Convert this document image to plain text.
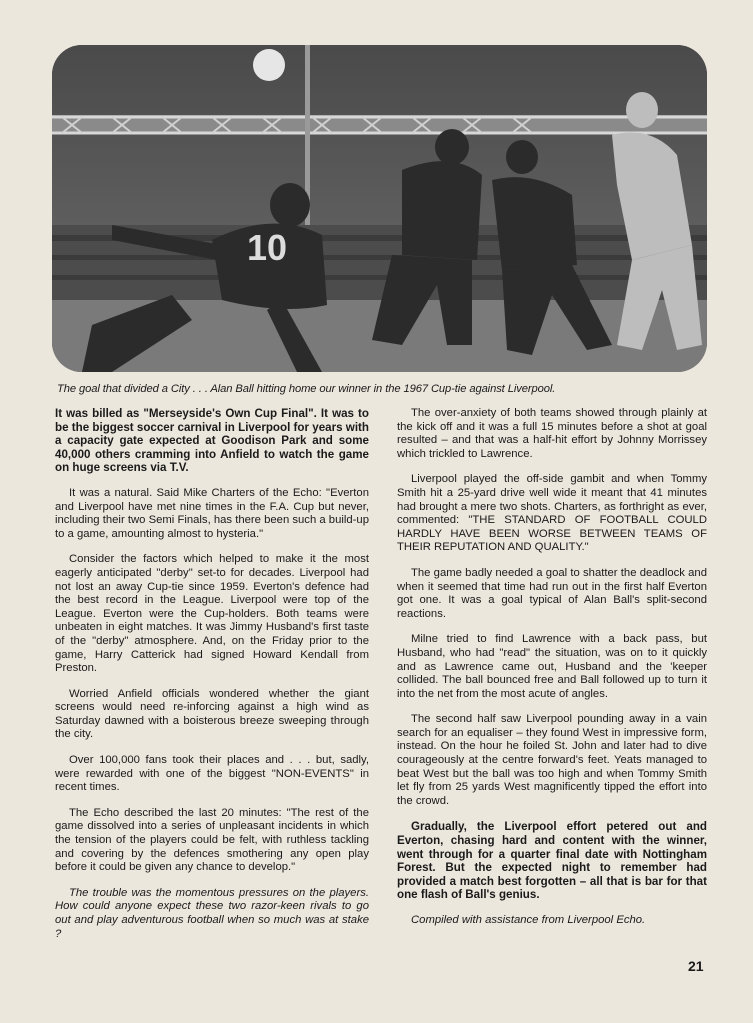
10
The goal that divided a City . . . Alan Ball hitting home our winner in the 1967 Cup-tie against Liverpool.

It was billed as "Merseyside's Own Cup Final". It was to be the biggest soccer carnival in Liverpool for years with a capacity gate expected at Goodison Park and some 40,000 others cramming into Anfield to watch the game on huge screens via T.V.

It was a natural. Said Mike Charters of the Echo: "Everton and Liverpool have met nine times in the F.A. Cup but never, including their two Semi Finals, has there been such a build-up to a game, amounting almost to hysteria."

Consider the factors which helped to make it the most eagerly anticipated "derby" set-to for decades. Liverpool had not lost an away Cup-tie since 1959. Everton's defence had the best record in the League. Liverpool were top of the League. Everton were the Cup-holders. Both teams were unbeaten in eight matches. It was Jimmy Husband's first taste of the "derby" atmosphere. And, on the Friday prior to the game, Harry Catterick had signed Howard Kendall from Preston.

Worried Anfield officials wondered whether the giant screens would need re-inforcing against a high wind as Saturday dawned with a boisterous breeze sweeping through the city.

Over 100,000 fans took their places and . . . but, sadly, were rewarded with one of the biggest "NON-EVENTS" in recent times.

The Echo described the last 20 minutes: "The rest of the game dissolved into a series of unpleasant incidents in which the tension of the players could be felt, with ruthless tackling and covering by the defences smothering any open play before it could be given any chance to develop."

The trouble was the momentous pressures on the players. How could anyone expect these two razor-keen rivals to go out and play adventurous football when so much was at stake ?

The over-anxiety of both teams showed through plainly at the kick off and it was a full 15 minutes before a shot at goal resulted – and that was a half-hit effort by Johnny Morrissey which trickled to Lawrence.

Liverpool played the off-side gambit and when Tommy Smith hit a 25-yard drive well wide it meant that 41 minutes had brought a mere two shots. Charters, as forthright as ever, commented: "THE STANDARD OF FOOTBALL COULD HARDLY HAVE BEEN WORSE BETWEEN TEAMS OF THEIR REPUTATION AND QUALITY."

The game badly needed a goal to shatter the deadlock and when it seemed that time had run out in the first half Everton got one. It was a goal typical of Alan Ball's split-second reactions.

Milne tried to find Lawrence with a back pass, but Husband, who had "read" the situation, was on to it quickly and as Lawrence came out, Husband and the 'keeper collided. The ball bounced free and Ball followed up to turn it into the net from the most acute of angles.

The second half saw Liverpool pounding away in a vain search for an equaliser – they found West in impressive form, instead. On the hour he foiled St. John and later had to dive courageously at the centre forward's feet. Yeats managed to beat West but the ball was too high and when Tommy Smith let fly from 25 yards West magnificently tipped the effort into the crowd.

Gradually, the Liverpool effort petered out and Everton, chasing hard and content with the winner, went through for a quarter final date with Nottingham Forest. But the expected night to remember had provided a match best forgotten – all that is bar for that one flash of Ball's genius.

Compiled with assistance from Liverpool Echo.

21
